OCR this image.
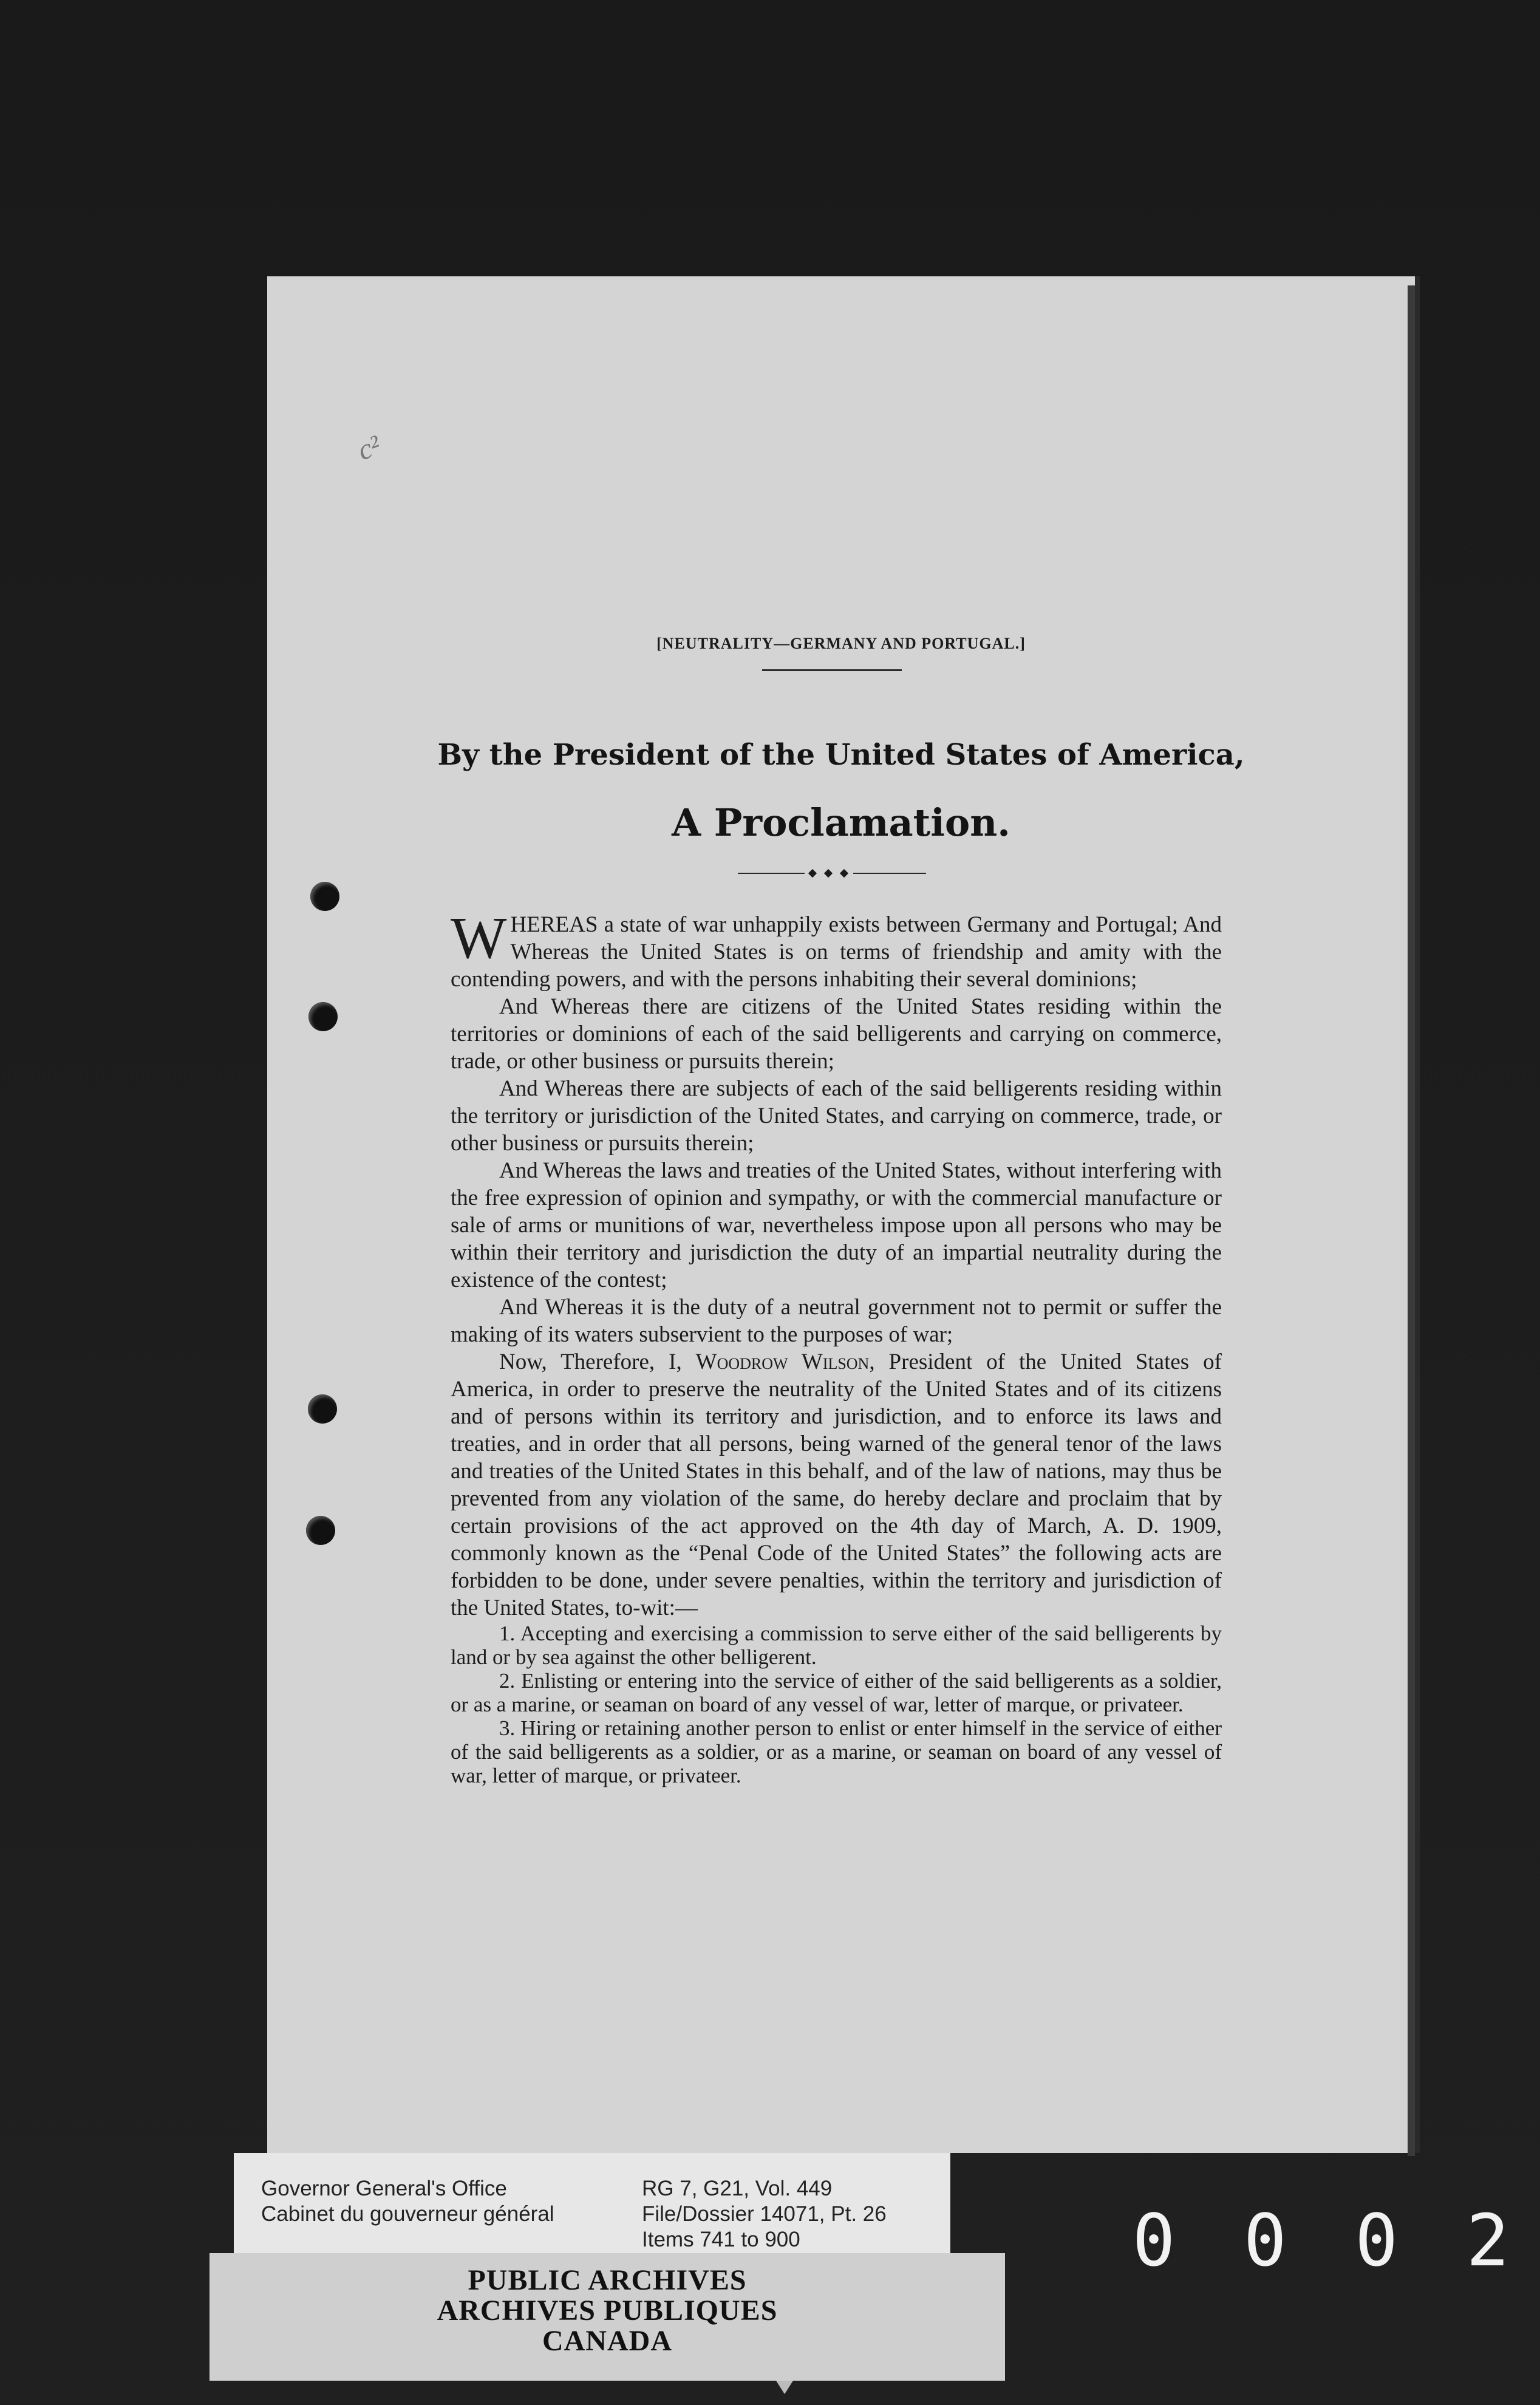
c²
[NEUTRALITY—GERMANY AND PORTUGAL.]
By the President of the United States of America,
A Proclamation.

WHEREAS a state of war unhappily exists between Germany and Portugal; And Whereas the United States is on terms of friendship and amity with the contending powers, and with the persons inhabiting their several dominions;

And Whereas there are citizens of the United States residing within the territories or dominions of each of the said belligerents and carrying on commerce, trade, or other business or pursuits therein;

And Whereas there are subjects of each of the said belligerents residing within the territory or jurisdiction of the United States, and carrying on commerce, trade, or other business or pursuits therein;

And Whereas the laws and treaties of the United States, without interfering with the free expression of opinion and sympathy, or with the commercial manufacture or sale of arms or munitions of war, nevertheless impose upon all persons who may be within their territory and jurisdiction the duty of an impartial neutrality during the existence of the contest;

And Whereas it is the duty of a neutral government not to permit or suffer the making of its waters subservient to the purposes of war;

Now, Therefore, I, Woodrow Wilson, President of the United States of America, in order to preserve the neutrality of the United States and of its citizens and of persons within its territory and jurisdiction, and to enforce its laws and treaties, and in order that all persons, being warned of the general tenor of the laws and treaties of the United States in this behalf, and of the law of nations, may thus be prevented from any violation of the same, do hereby declare and proclaim that by certain provisions of the act approved on the 4th day of March, A. D. 1909, commonly known as the “Penal Code of the United States” the following acts are forbidden to be done, under severe penalties, within the territory and jurisdiction of the United States, to-wit:—

1. Accepting and exercising a commission to serve either of the said belligerents by land or by sea against the other belligerent.

2. Enlisting or entering into the service of either of the said belligerents as a soldier, or as a marine, or seaman on board of any vessel of war, letter of marque, or privateer.

3. Hiring or retaining another person to enlist or enter himself in the service of either of the said belligerents as a soldier, or as a marine, or seaman on board of any vessel of war, letter of marque, or privateer.

Governor General's Office
Cabinet du gouverneur général
RG 7, G21, Vol. 449
File/Dossier 14071, Pt. 26
Items 741 to 900
PUBLIC ARCHIVES
ARCHIVES PUBLIQUES
CANADA
0 0 0 2
